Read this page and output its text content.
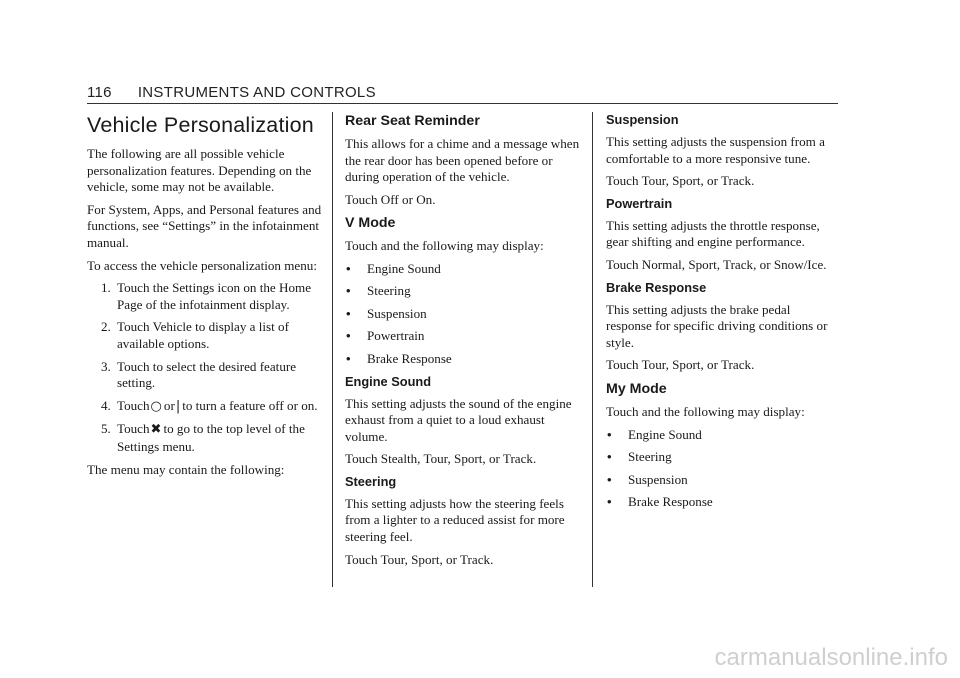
116 INSTRUMENTS AND CONTROLS
Vehicle Personalization

The following are all possible vehicle personalization features. Depending on the vehicle, some may not be available.

For System, Apps, and Personal features and functions, see “Settings” in the infotainment manual.

To access the vehicle personalization menu:

1. Touch the Settings icon on the Home Page of the infotainment display.
2. Touch Vehicle to display a list of available options.
3. Touch to select the desired feature setting.
4. Touch○ or| to turn a feature off or on.
5. Touch✖ to go to the top level of the Settings menu.

The menu may contain the following:

Rear Seat Reminder

This allows for a chime and a message when the rear door has been opened before or during operation of the vehicle.

Touch Off or On.

V Mode

Touch and the following may display:

• Engine Sound
• Steering
• Suspension
• Powertrain
• Brake Response
Engine Sound

This setting adjusts the sound of the engine exhaust from a quiet to a loud exhaust volume.

Touch Stealth, Tour, Sport, or Track.

Steering

This setting adjusts how the steering feels from a lighter to a reduced assist for more steering feel.

Touch Tour, Sport, or Track.

Suspension

This setting adjusts the suspension from a comfortable to a more responsive tune.

Touch Tour, Sport, or Track.

Powertrain

This setting adjusts the throttle response, gear shifting and engine performance.

Touch Normal, Sport, Track, or Snow/Ice.

Brake Response

This setting adjusts the brake pedal response for specific driving conditions or style.

Touch Tour, Sport, or Track.

My Mode

Touch and the following may display:

• Engine Sound
• Steering
• Suspension
• Brake Response
carmanualsonline.info
